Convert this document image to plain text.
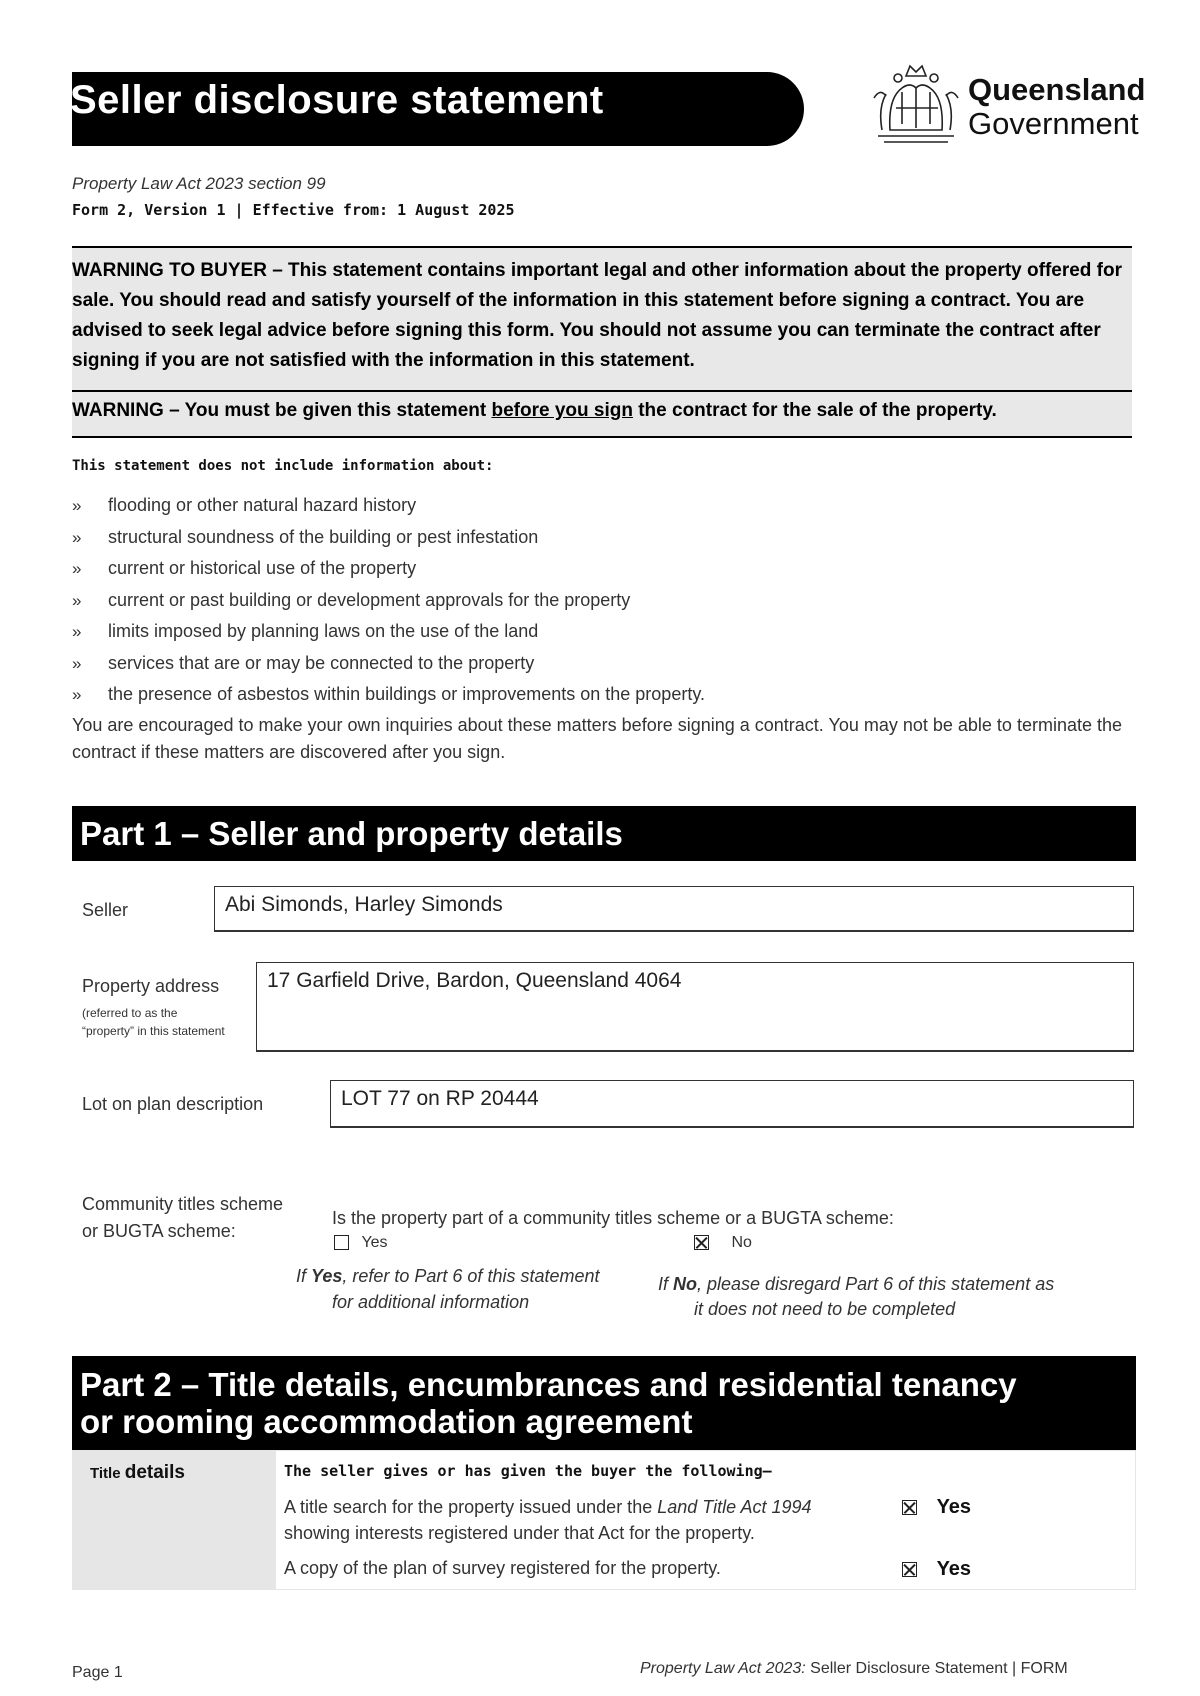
Seller disclosure statement	Queensland
Government
Property Law Act 2023 section 99
Form 2, Version 1 | Effective from: 1 August 2025

WARNING TO BUYER – This statement contains important legal and other information about the property offered for sale. You should read and satisfy yourself of the information in this statement before signing a contract. You are advised to seek legal advice before signing this form. You should not assume you can terminate the contract after signing if you are not satisfied with the information in this statement.

WARNING – You must be given this statement before you sign the contract for the sale of the property.

This statement does not include information about:
» flooding or other natural hazard history
» structural soundness of the building or pest infestation
» current or historical use of the property
» current or past building or development approvals for the property
» limits imposed by planning laws on the use of the land
» services that are or may be connected to the property
» the presence of asbestos within buildings or improvements on the property.
You are encouraged to make your own inquiries about these matters before signing a contract. You may not be able to terminate the contract if these matters are discovered after you sign.
Part 1 – Seller and property details
Seller	Abi Simonds, Harley Simonds
Property address
(referred to as the
“property” in this statement
17 Garfield Drive, Bardon, Queensland 4064
Lot on plan description	LOT 77 on RP 20444
Community titles scheme
or BUGTA scheme:
Is the property part of a community titles scheme or a BUGTA scheme:
Yes	No
If Yes, refer to Part 6 of this statement
for additional information
If No, please disregard Part 6 of this statement as
it does not need to be completed
Part 2 – Title details, encumbrances and residential tenancy
or rooming accommodation agreement
Title details	The seller gives or has given the buyer the following—
A title search for the property issued under the Land Title Act 1994
showing interests registered under that Act for the property.
Yes
A copy of the plan of survey registered for the property.	Yes
Page 1	Property Law Act 2023: Seller Disclosure Statement | FORM
